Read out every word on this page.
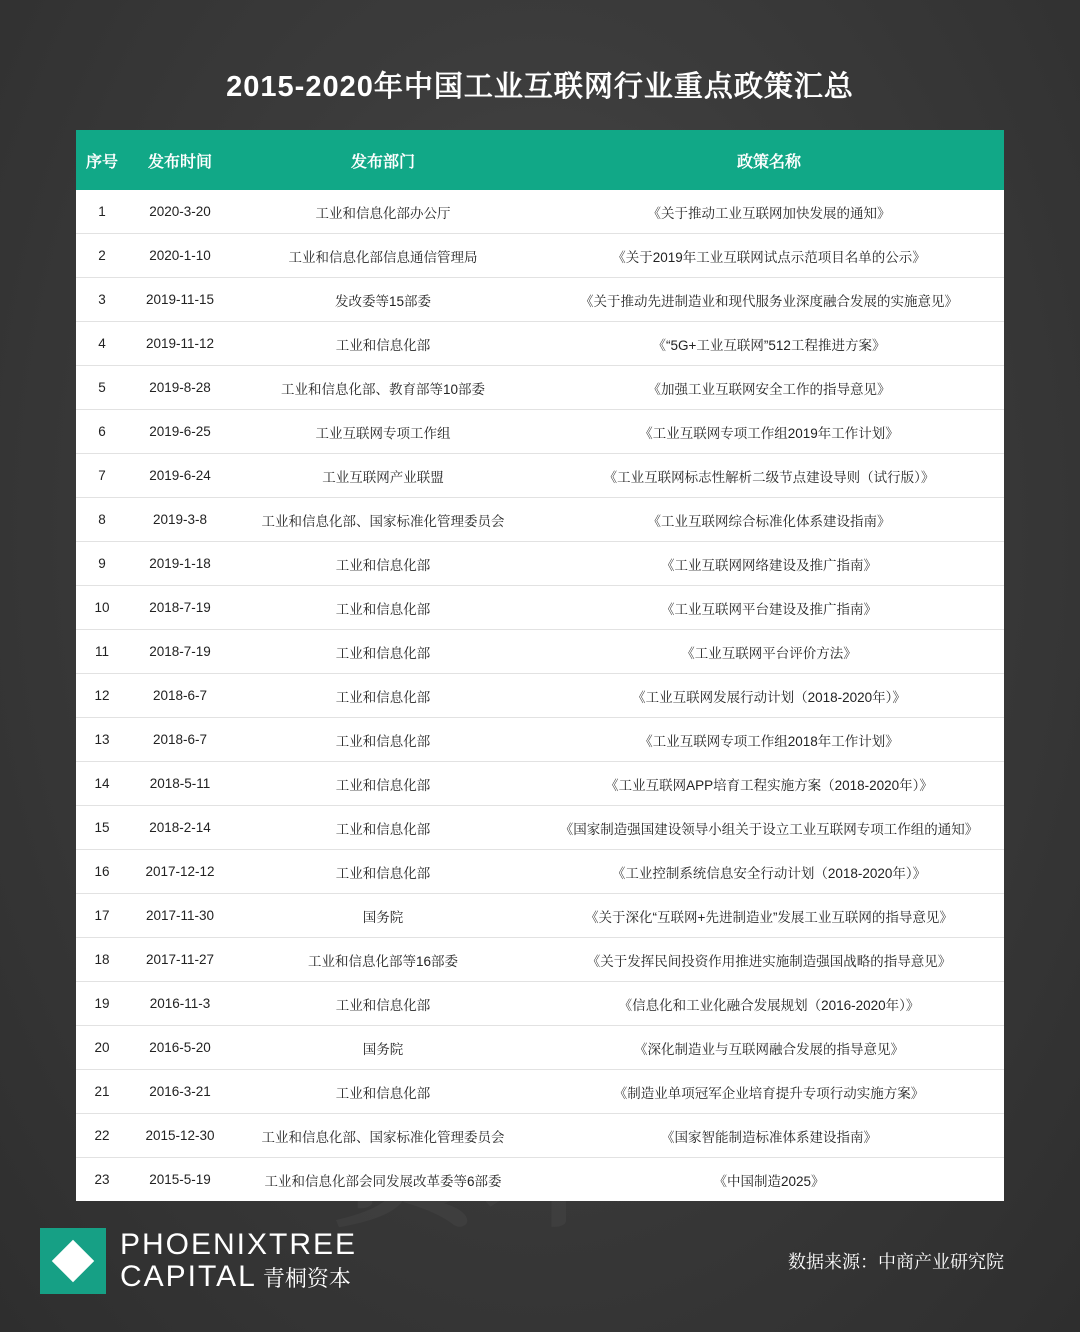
2015-2020年中国工业互联网行业重点政策汇总
序号	发布时间	发布部门	政策名称
1	2020-3-20	工业和信息化部办公厅	《关于推动工业互联网加快发展的通知》
2	2020-1-10	工业和信息化部信息通信管理局	《关于2019年工业互联网试点示范项目名单的公示》
3	2019-11-15	发改委等15部委	《关于推动先进制造业和现代服务业深度融合发展的实施意见》
4	2019-11-12	工业和信息化部	《“5G+工业互联网”512工程推进方案》
5	2019-8-28	工业和信息化部、教育部等10部委	《加强工业互联网安全工作的指导意见》
6	2019-6-25	工业互联网专项工作组	《工业互联网专项工作组2019年工作计划》
7	2019-6-24	工业互联网产业联盟	《工业互联网标志性解析二级节点建设导则（试行版）》
8	2019-3-8	工业和信息化部、国家标准化管理委员会	《工业互联网综合标准化体系建设指南》
9	2019-1-18	工业和信息化部	《工业互联网网络建设及推广指南》
10	2018-7-19	工业和信息化部	《工业互联网平台建设及推广指南》
11	2018-7-19	工业和信息化部	《工业互联网平台评价方法》
12	2018-6-7	工业和信息化部	《工业互联网发展行动计划（2018-2020年）》
13	2018-6-7	工业和信息化部	《工业互联网专项工作组2018年工作计划》
14	2018-5-11	工业和信息化部	《工业互联网APP培育工程实施方案（2018-2020年）》
15	2018-2-14	工业和信息化部	《国家制造强国建设领导小组关于设立工业互联网专项工作组的通知》
16	2017-12-12	工业和信息化部	《工业控制系统信息安全行动计划（2018-2020年）》
17	2017-11-30	国务院	《关于深化“互联网+先进制造业”发展工业互联网的指导意见》
18	2017-11-27	工业和信息化部等16部委	《关于发挥民间投资作用推进实施制造强国战略的指导意见》
19	2016-11-3	工业和信息化部	《信息化和工业化融合发展规划（2016-2020年）》
20	2016-5-20	国务院	《深化制造业与互联网融合发展的指导意见》
21	2016-3-21	工业和信息化部	《制造业单项冠军企业培育提升专项行动实施方案》
22	2015-12-30	工业和信息化部、国家标准化管理委员会	《国家智能制造标准体系建设指南》
23	2015-5-19	工业和信息化部会同发展改革委等6部委	《中国制造2025》
PHOENIXTREE
CAPITAL 青桐资本
数据来源：中商产业研究院
